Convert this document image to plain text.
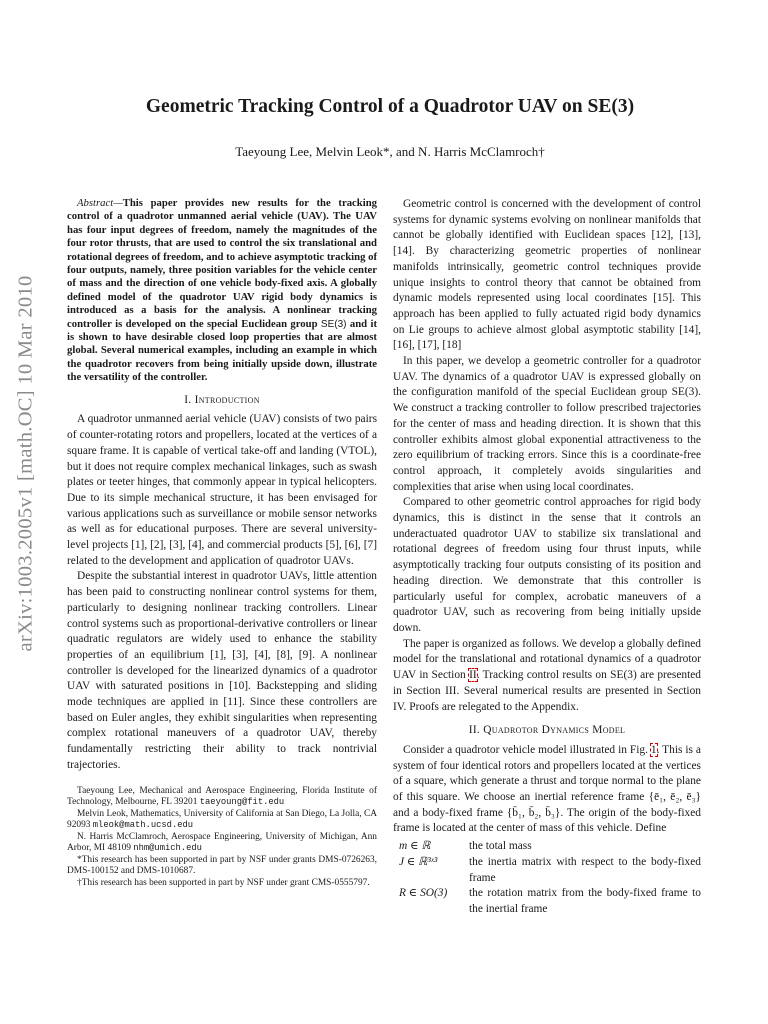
arXiv:1003.2005v1 [math.OC] 10 Mar 2010
Geometric Tracking Control of a Quadrotor UAV on SE(3)
Taeyoung Lee, Melvin Leok*, and N. Harris McClamroch†

Abstract—This paper provides new results for the tracking control of a quadrotor unmanned aerial vehicle (UAV). The UAV has four input degrees of freedom, namely the magnitudes of the four rotor thrusts, that are used to control the six translational and rotational degrees of freedom, and to achieve asymptotic tracking of four outputs, namely, three position variables for the vehicle center of mass and the direction of one vehicle body-fixed axis. A globally defined model of the quadrotor UAV rigid body dynamics is introduced as a basis for the analysis. A nonlinear tracking controller is developed on the special Euclidean group SE(3) and it is shown to have desirable closed loop properties that are almost global. Several numerical examples, including an example in which the quadrotor recovers from being initially upside down, illustrate the versatility of the controller.

I. Introduction

A quadrotor unmanned aerial vehicle (UAV) consists of two pairs of counter-rotating rotors and propellers, located at the vertices of a square frame. It is capable of vertical take-off and landing (VTOL), but it does not require complex mechanical linkages, such as swash plates or teeter hinges, that commonly appear in typical helicopters. Due to its simple mechanical structure, it has been envisaged for various applications such as surveillance or mobile sensor networks as well as for educational purposes. There are several university-level projects [1], [2], [3], [4], and commercial products [5], [6], [7] related to the development and application of quadrotor UAVs.

Despite the substantial interest in quadrotor UAVs, little attention has been paid to constructing nonlinear control systems for them, particularly to designing nonlinear tracking controllers. Linear control systems such as proportional-derivative controllers or linear quadratic regulators are widely used to enhance the stability properties of an equilibrium [1], [3], [4], [8], [9]. A nonlinear controller is developed for the linearized dynamics of a quadrotor UAV with saturated positions in [10]. Backstepping and sliding mode techniques are applied in [11]. Since these controllers are based on Euler angles, they exhibit singularities when representing complex rotational maneuvers of a quadrotor UAV, thereby fundamentally restricting their ability to track nontrivial trajectories.

Taeyoung Lee, Mechanical and Aerospace Engineering, Florida Institute of Technology, Melbourne, FL 39201 taeyoung@fit.edu

Melvin Leok, Mathematics, University of California at San Diego, La Jolla, CA 92093 mleok@math.ucsd.edu

N. Harris McClamroch, Aerospace Engineering, University of Michigan, Ann Arbor, MI 48109 nhm@umich.edu

*This research has been supported in part by NSF under grants DMS-0726263, DMS-100152 and DMS-1010687.

†This research has been supported in part by NSF under grant CMS-0555797.

Geometric control is concerned with the development of control systems for dynamic systems evolving on nonlinear manifolds that cannot be globally identified with Euclidean spaces [12], [13], [14]. By characterizing geometric properties of nonlinear manifolds intrinsically, geometric control techniques provide unique insights to control theory that cannot be obtained from dynamic models represented using local coordinates [15]. This approach has been applied to fully actuated rigid body dynamics on Lie groups to achieve almost global asymptotic stability [14], [16], [17], [18]

In this paper, we develop a geometric controller for a quadrotor UAV. The dynamics of a quadrotor UAV is expressed globally on the configuration manifold of the special Euclidean group SE(3). We construct a tracking controller to follow prescribed trajectories for the center of mass and heading direction. It is shown that this controller exhibits almost global exponential attractiveness to the zero equilibrium of tracking errors. Since this is a coordinate-free control approach, it completely avoids singularities and complexities that arise when using local coordinates.

Compared to other geometric control approaches for rigid body dynamics, this is distinct in the sense that it controls an underactuated quadrotor UAV to stabilize six translational and rotational degrees of freedom using four thrust inputs, while asymptotically tracking four outputs consisting of its position and heading direction. We demonstrate that this controller is particularly useful for complex, acrobatic maneuvers of a quadrotor UAV, such as recovering from being initially upside down.

The paper is organized as follows. We develop a globally defined model for the translational and rotational dynamics of a quadrotor UAV in Section II. Tracking control results on SE(3) are presented in Section III. Several numerical results are presented in Section IV. Proofs are relegated to the Appendix.

II. Quadrotor Dynamics Model

Consider a quadrotor vehicle model illustrated in Fig. 1. This is a system of four identical rotors and propellers located at the vertices of a square, which generate a thrust and torque normal to the plane of this square. We choose an inertial reference frame {ē₁, ē₂, ē₃} and a body-fixed frame {b̄₁, b̄₂, b̄₃}. The origin of the body-fixed frame is located at the center of mass of this vehicle. Define

m ∈ ℝ	the total mass
J ∈ ℝ³ˣ³	the inertia matrix with respect to the body-fixed frame
R ∈ SO(3)	the rotation matrix from the body-fixed frame to the inertial frame
